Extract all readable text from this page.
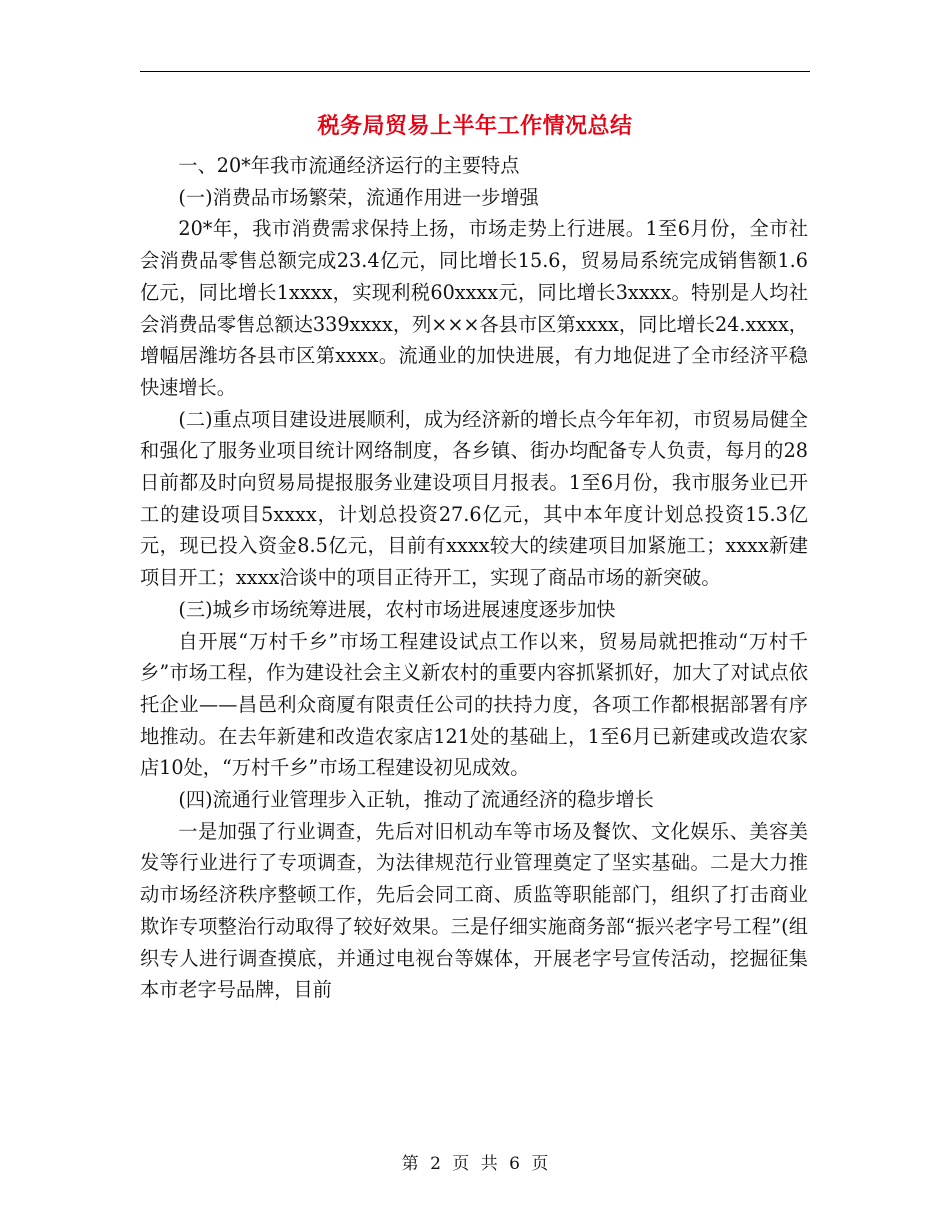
税务局贸易上半年工作情况总结

一、20*年我市流通经济运行的主要特点

(一)消费品市场繁荣，流通作用进一步增强

20*年，我市消费需求保持上扬，市场走势上行进展。1至6月份，全市社会消费品零售总额完成23.4亿元，同比增长15.6，贸易局系统完成销售额1.6亿元，同比增长1xxxx，实现利税60xxxx元，同比增长3xxxx。特别是人均社会消费品零售总额达339xxxx，列×××各县市区第xxxx，同比增长24.xxxx，增幅居潍坊各县市区第xxxx。流通业的加快进展，有力地促进了全市经济平稳快速增长。

(二)重点项目建设进展顺利，成为经济新的增长点今年年初，市贸易局健全和强化了服务业项目统计网络制度，各乡镇、街办均配备专人负责，每月的28日前都及时向贸易局提报服务业建设项目月报表。1至6月份，我市服务业已开工的建设项目5xxxx，计划总投资27.6亿元，其中本年度计划总投资15.3亿元，现已投入资金8.5亿元，目前有xxxx较大的续建项目加紧施工；xxxx新建项目开工；xxxx洽谈中的项目正待开工，实现了商品市场的新突破。

(三)城乡市场统筹进展，农村市场进展速度逐步加快

自开展“万村千乡”市场工程建设试点工作以来，贸易局就把推动“万村千乡”市场工程，作为建设社会主义新农村的重要内容抓紧抓好，加大了对试点依托企业——昌邑利众商厦有限责任公司的扶持力度，各项工作都根据部署有序地推动。在去年新建和改造农家店121处的基础上，1至6月已新建或改造农家店10处，“万村千乡”市场工程建设初见成效。

(四)流通行业管理步入正轨，推动了流通经济的稳步增长

一是加强了行业调查，先后对旧机动车等市场及餐饮、文化娱乐、美容美发等行业进行了专项调查，为法律规范行业管理奠定了坚实基础。二是大力推动市场经济秩序整顿工作，先后会同工商、质监等职能部门，组织了打击商业欺诈专项整治行动取得了较好效果。三是仔细实施商务部“振兴老字号工程”(组织专人进行调查摸底，并通过电视台等媒体，开展老字号宣传活动，挖掘征集本市老字号品牌，目前

第 2 页 共 6 页
